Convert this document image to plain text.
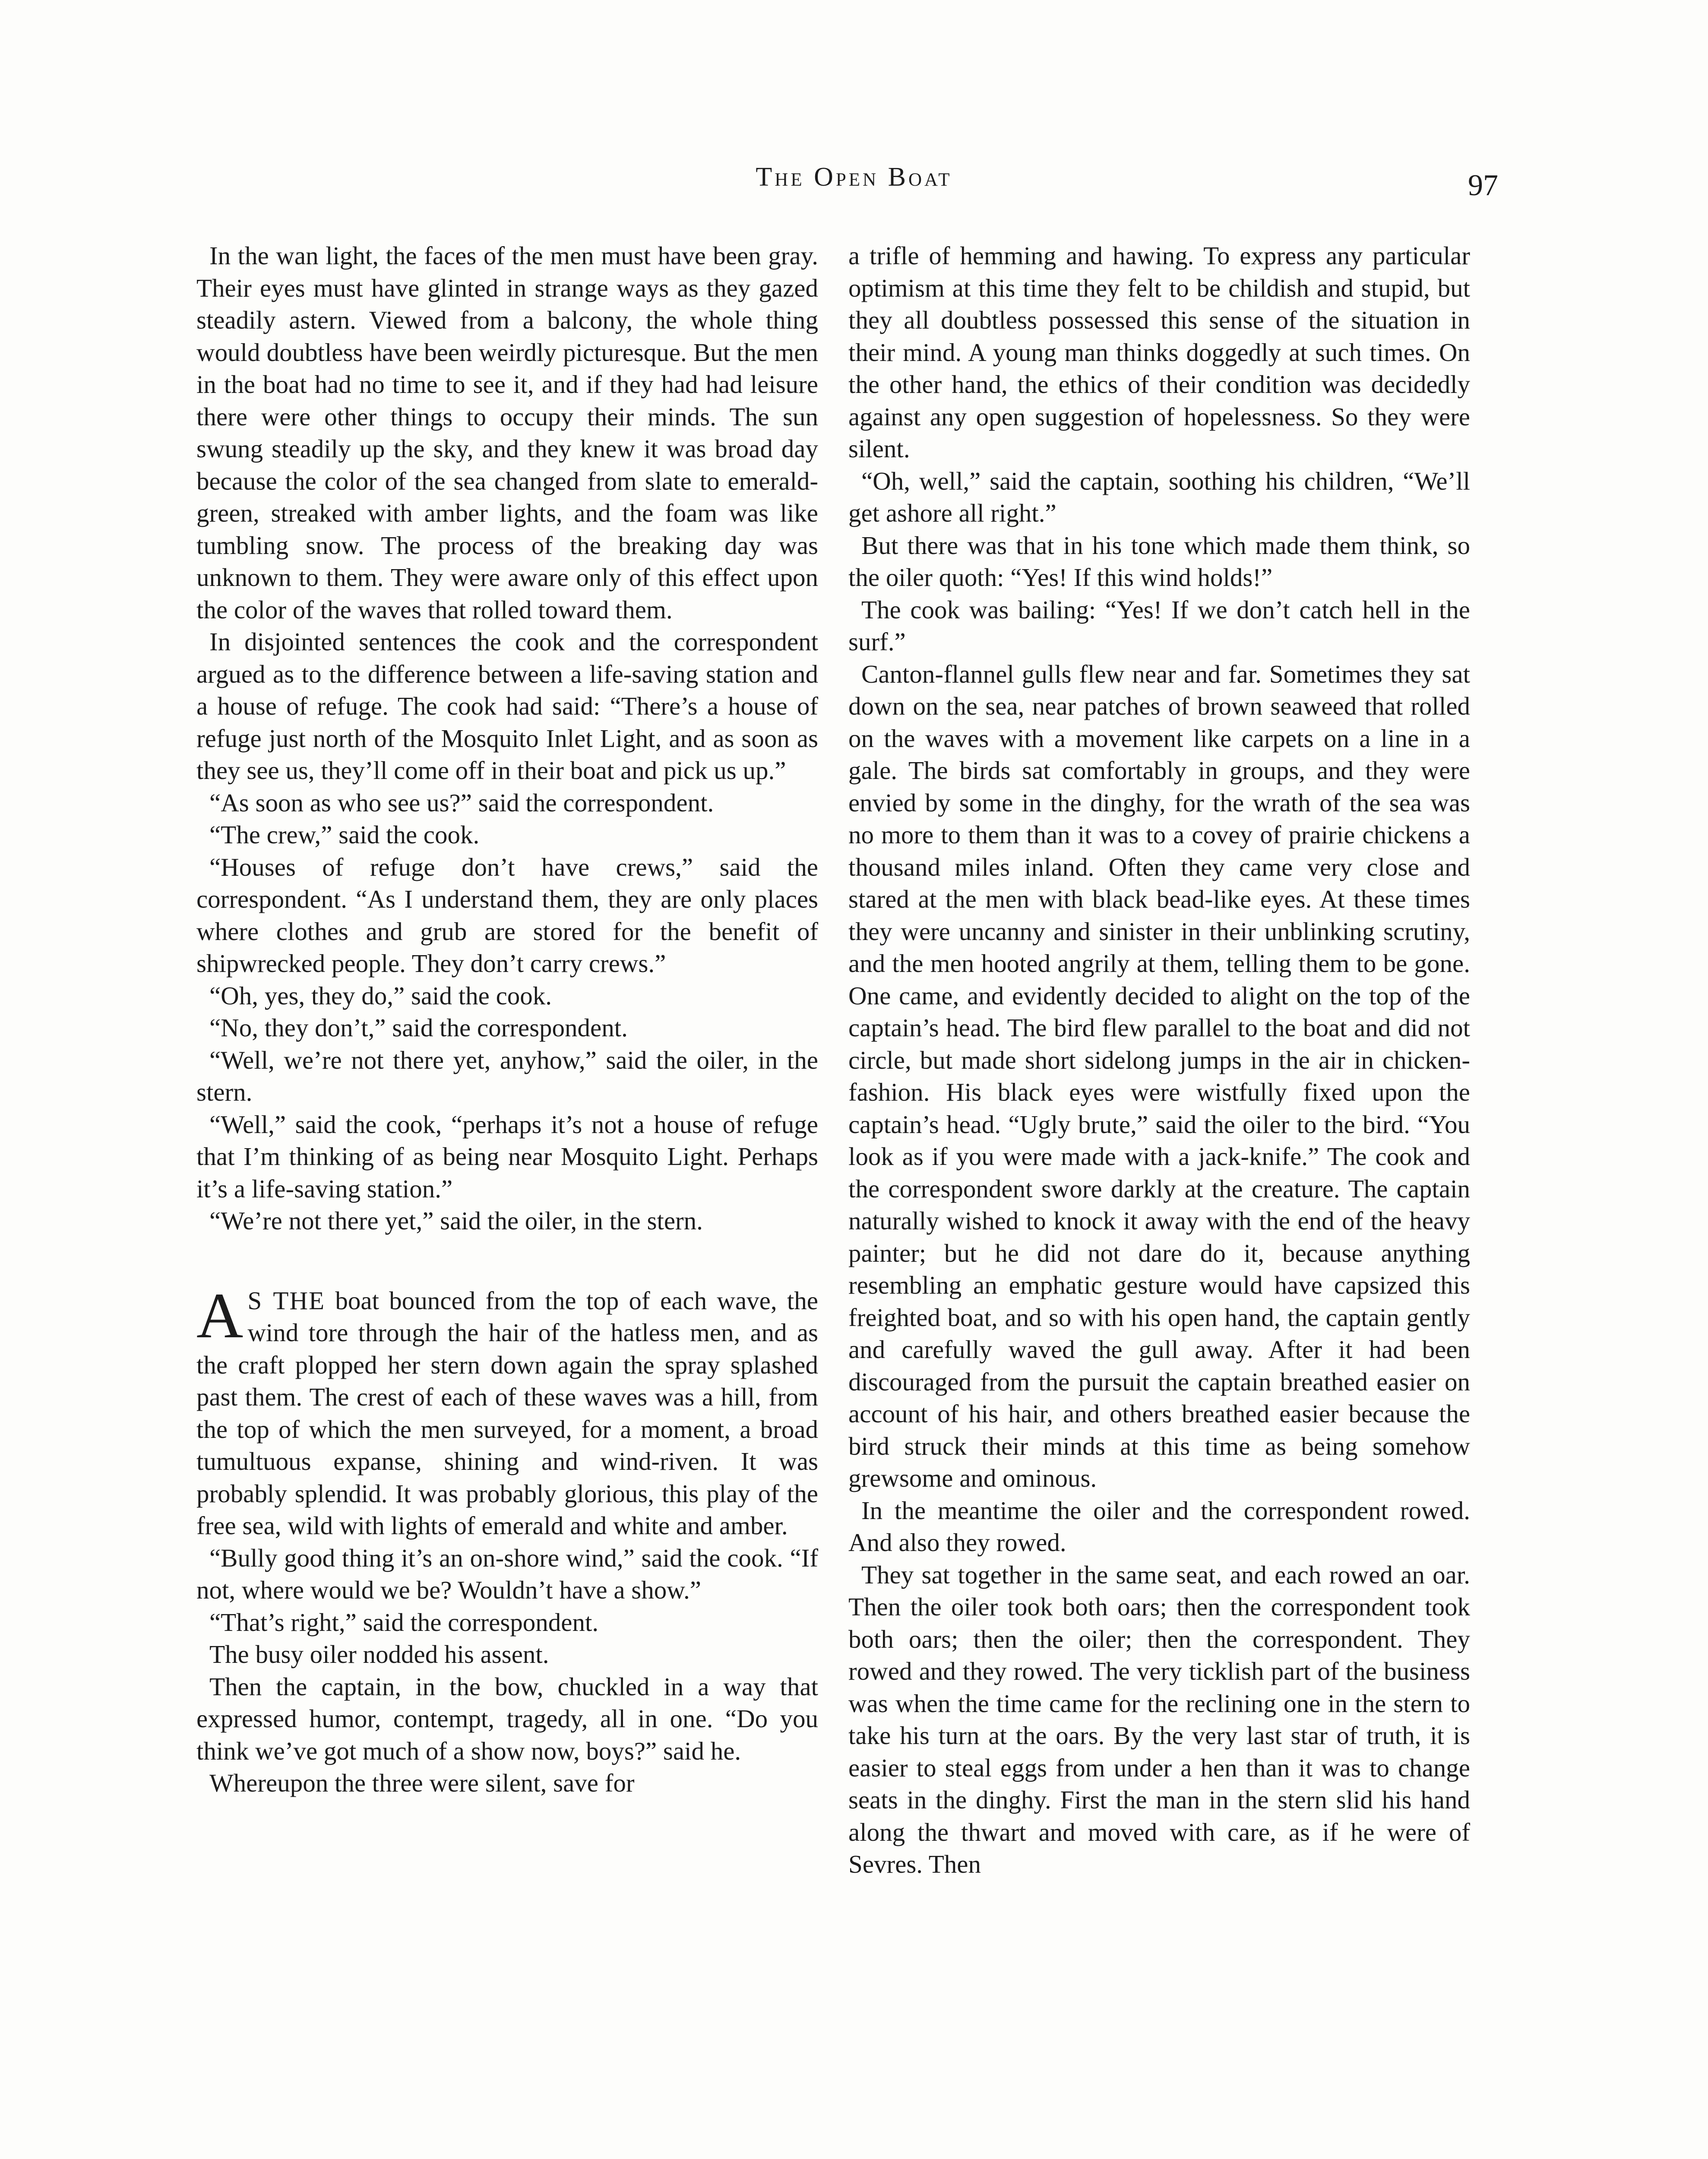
The Open Boat	97

In the wan light, the faces of the men must have been gray. Their eyes must have glinted in strange ways as they gazed steadily astern. Viewed from a balcony, the whole thing would doubtless have been weirdly picturesque. But the men in the boat had no time to see it, and if they had had leisure there were other things to occupy their minds. The sun swung steadily up the sky, and they knew it was broad day because the color of the sea changed from slate to emerald-green, streaked with amber lights, and the foam was like tumbling snow. The process of the breaking day was unknown to them. They were aware only of this effect upon the color of the waves that rolled toward them.

In disjointed sentences the cook and the correspondent argued as to the difference between a life-saving station and a house of refuge. The cook had said: “There’s a house of refuge just north of the Mosquito Inlet Light, and as soon as they see us, they’ll come off in their boat and pick us up.”

“As soon as who see us?” said the correspondent.

“The crew,” said the cook.

“Houses of refuge don’t have crews,” said the correspondent. “As I understand them, they are only places where clothes and grub are stored for the benefit of shipwrecked people. They don’t carry crews.”

“Oh, yes, they do,” said the cook.

“No, they don’t,” said the correspondent.

“Well, we’re not there yet, anyhow,” said the oiler, in the stern.

“Well,” said the cook, “perhaps it’s not a house of refuge that I’m thinking of as being near Mosquito Light. Perhaps it’s a life-saving station.”

“We’re not there yet,” said the oiler, in the stern.

A S THE boat bounced from the top of each wave, the wind tore through the hair of the hatless men, and as the craft plopped her stern down again the spray splashed past them. The crest of each of these waves was a hill, from the top of which the men surveyed, for a moment, a broad tumultuous expanse, shining and wind-riven. It was probably splendid. It was probably glorious, this play of the free sea, wild with lights of emerald and white and amber.

“Bully good thing it’s an on-shore wind,” said the cook. “If not, where would we be? Wouldn’t have a show.”

“That’s right,” said the correspondent.

The busy oiler nodded his assent.

Then the captain, in the bow, chuckled in a way that expressed humor, contempt, tragedy, all in one. “Do you think we’ve got much of a show now, boys?” said he.

Whereupon the three were silent, save for

a trifle of hemming and hawing. To express any particular optimism at this time they felt to be childish and stupid, but they all doubtless possessed this sense of the situation in their mind. A young man thinks doggedly at such times. On the other hand, the ethics of their condition was decidedly against any open suggestion of hopelessness. So they were silent.

“Oh, well,” said the captain, soothing his children, “We’ll get ashore all right.”

But there was that in his tone which made them think, so the oiler quoth: “Yes! If this wind holds!”

The cook was bailing: “Yes! If we don’t catch hell in the surf.”

Canton-flannel gulls flew near and far. Sometimes they sat down on the sea, near patches of brown seaweed that rolled on the waves with a movement like carpets on a line in a gale. The birds sat comfortably in groups, and they were envied by some in the dinghy, for the wrath of the sea was no more to them than it was to a covey of prairie chickens a thousand miles inland. Often they came very close and stared at the men with black bead-like eyes. At these times they were uncanny and sinister in their unblinking scrutiny, and the men hooted angrily at them, telling them to be gone. One came, and evidently decided to alight on the top of the captain’s head. The bird flew parallel to the boat and did not circle, but made short sidelong jumps in the air in chicken-fashion. His black eyes were wistfully fixed upon the captain’s head. “Ugly brute,” said the oiler to the bird. “You look as if you were made with a jack-knife.” The cook and the correspondent swore darkly at the creature. The captain naturally wished to knock it away with the end of the heavy painter; but he did not dare do it, because anything resembling an emphatic gesture would have capsized this freighted boat, and so with his open hand, the captain gently and carefully waved the gull away. After it had been discouraged from the pursuit the captain breathed easier on account of his hair, and others breathed easier because the bird struck their minds at this time as being somehow grewsome and ominous.

In the meantime the oiler and the correspondent rowed. And also they rowed.

They sat together in the same seat, and each rowed an oar. Then the oiler took both oars; then the correspondent took both oars; then the oiler; then the correspondent. They rowed and they rowed. The very ticklish part of the business was when the time came for the reclining one in the stern to take his turn at the oars. By the very last star of truth, it is easier to steal eggs from under a hen than it was to change seats in the dinghy. First the man in the stern slid his hand along the thwart and moved with care, as if he were of Sevres. Then
